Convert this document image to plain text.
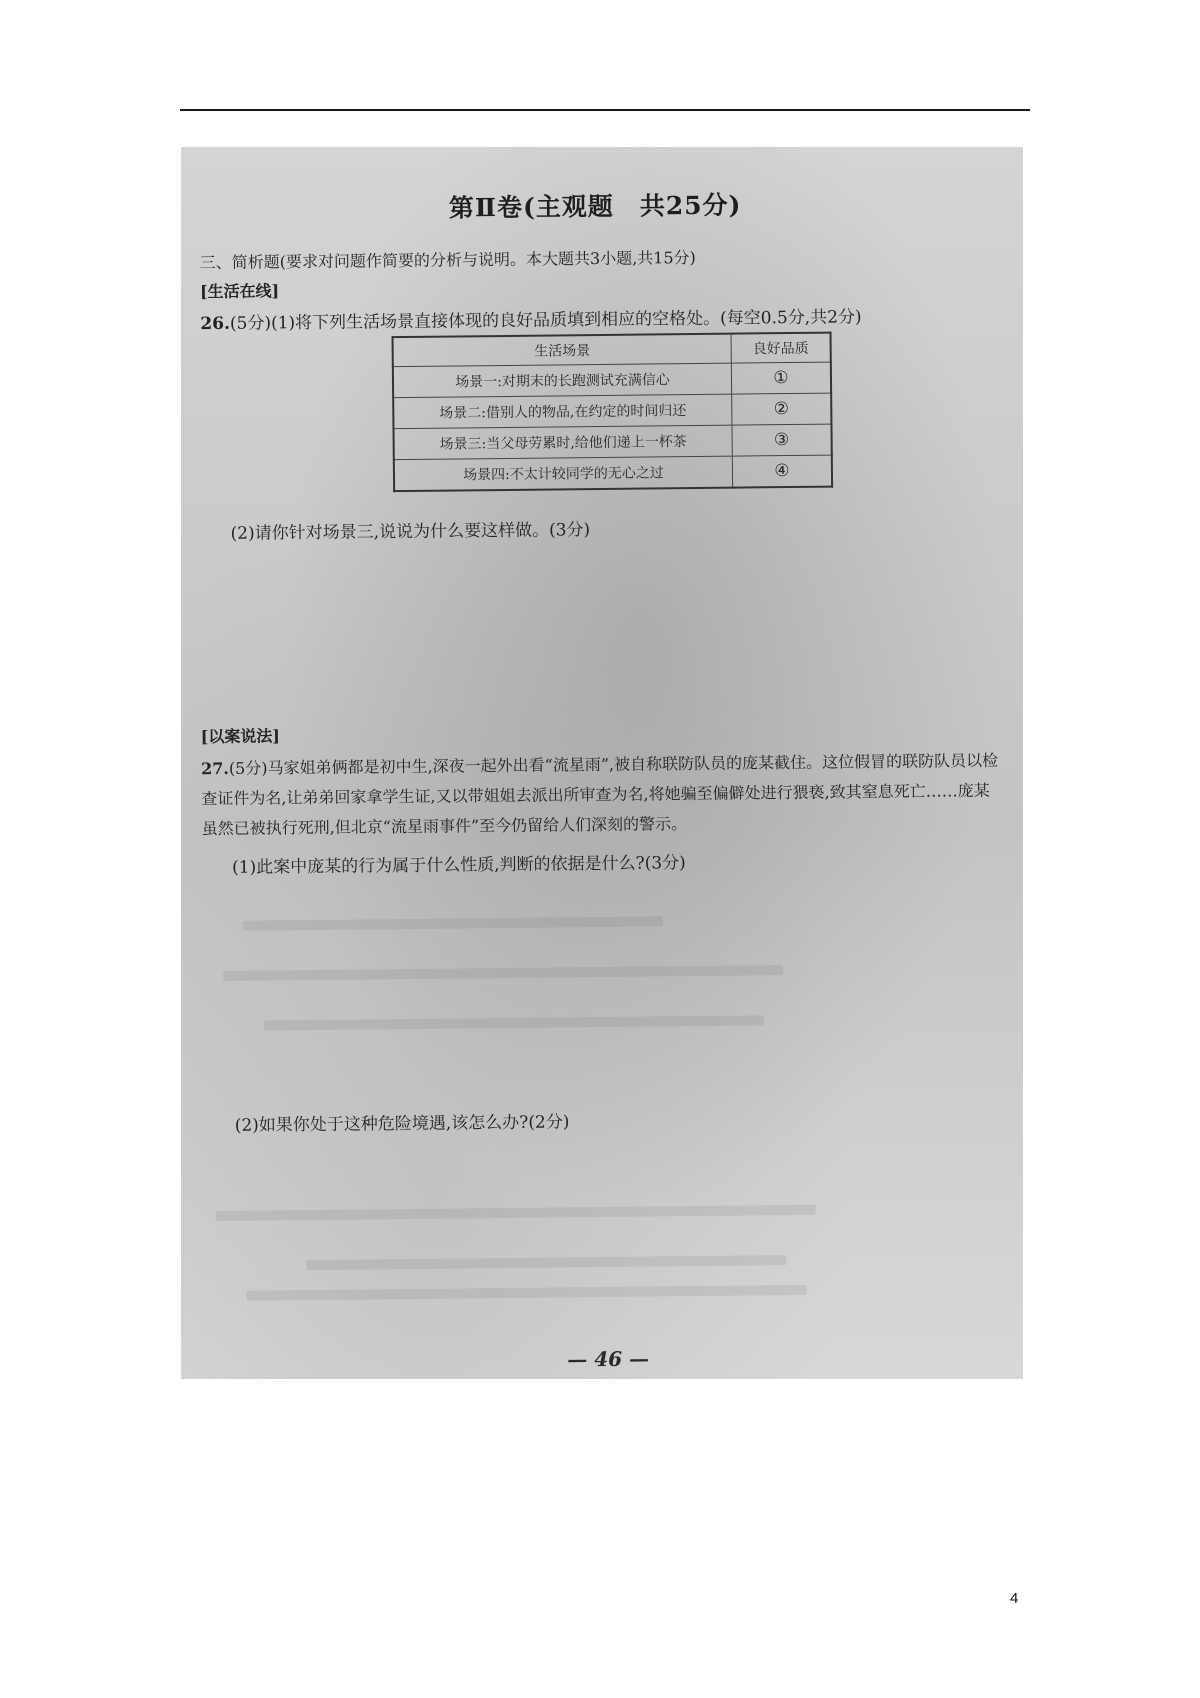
第Ⅱ卷(主观题　共25分)
三、简析题(要求对问题作简要的分析与说明。本大题共3小题,共15分)
[生活在线]
26.(5分)(1)将下列生活场景直接体现的良好品质填到相应的空格处。(每空0.5分,共2分)
生活场景	良好品质
场景一:对期末的长跑测试充满信心	①
场景二:借别人的物品,在约定的时间归还	②
场景三:当父母劳累时,给他们递上一杯茶	③
场景四:不太计较同学的无心之过	④
(2)请你针对场景三,说说为什么要这样做。(3分)
[以案说法]
27.(5分)马家姐弟俩都是初中生,深夜一起外出看“流星雨”,被自称联防队员的庞某截住。这位假冒的联防队员以检查证件为名,让弟弟回家拿学生证,又以带姐姐去派出所审查为名,将她骗至偏僻处进行猥亵,致其窒息死亡……庞某虽然已被执行死刑,但北京“流星雨事件”至今仍留给人们深刻的警示。
(1)此案中庞某的行为属于什么性质,判断的依据是什么?(3分)
(2)如果你处于这种危险境遇,该怎么办?(2分)
— 46 —
4
